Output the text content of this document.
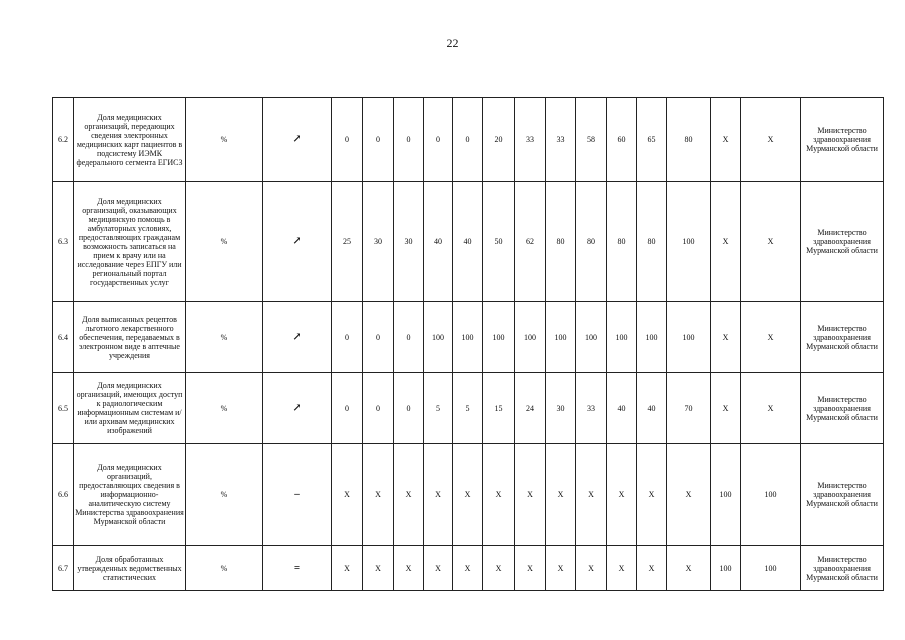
22
6.2	Доля медицинских организаций, передающих сведения электронных медицинских карт пациентов в подсистему ИЭМК федерального сегмента ЕГИСЗ	%	↗	0	0	0	0	0	20	33	33	58	60	65	80	X	X	Министерство здравоохранения Мурманской области
6.3	Доля медицинских организаций, оказывающих медицинскую помощь в амбулаторных условиях, предоставляющих гражданам возможность записаться на прием к врачу или на исследование через ЕПГУ или региональный портал государственных услуг	%	↗	25	30	30	40	40	50	62	80	80	80	80	100	X	X	Министерство здравоохранения Мурманской области
6.4	Доля выписанных рецептов льготного лекарственного обеспечения, передаваемых в электронном виде в аптечные учреждения	%	↗	0	0	0	100	100	100	100	100	100	100	100	100	X	X	Министерство здравоохранения Мурманской области
6.5	Доля медицинских организаций, имеющих доступ к радиологическим информационным системам и/или архивам медицинских изображений	%	↗	0	0	0	5	5	15	24	30	33	40	40	70	X	X	Министерство здравоохранения Мурманской области
6.6	Доля медицинских организаций, предоставляющих сведения в информационно-аналитическую систему Министерства здравоохранения Мурманской области	%	–	X	X	X	X	X	X	X	X	X	X	X	X	100	100	Министерство здравоохранения Мурманской области
6.7	Доля обработанных утвержденных ведомственных статистических	%	=	X	X	X	X	X	X	X	X	X	X	X	X	100	100	Министерство здравоохранения Мурманской области
